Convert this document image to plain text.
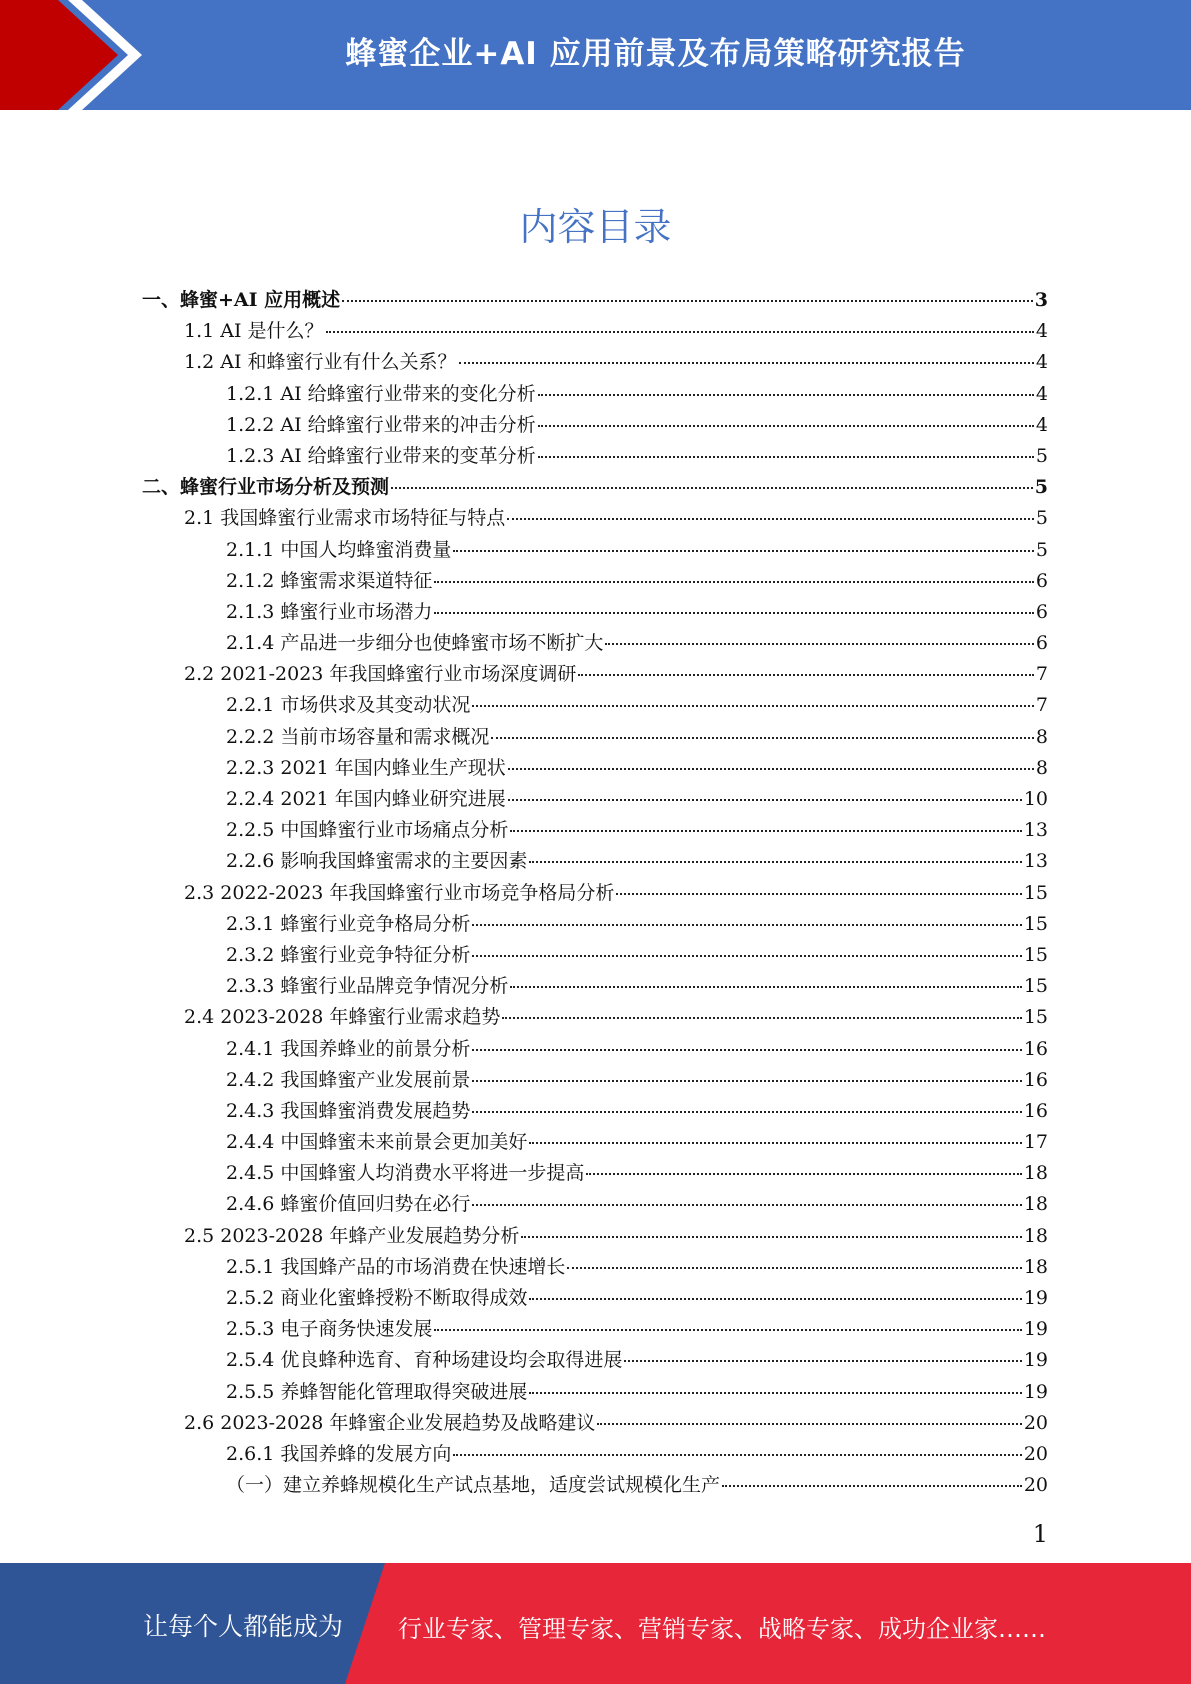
蜂蜜企业+AI 应用前景及布局策略研究报告
内容目录
一、蜂蜜+AI 应用概述	3
1.1 AI 是什么？	4
1.2 AI 和蜂蜜行业有什么关系？	4
1.2.1 AI 给蜂蜜行业带来的变化分析	4
1.2.2 AI 给蜂蜜行业带来的冲击分析	4
1.2.3 AI 给蜂蜜行业带来的变革分析	5
二、蜂蜜行业市场分析及预测	5
2.1 我国蜂蜜行业需求市场特征与特点	5
2.1.1 中国人均蜂蜜消费量	5
2.1.2 蜂蜜需求渠道特征	6
2.1.3 蜂蜜行业市场潜力	6
2.1.4 产品进一步细分也使蜂蜜市场不断扩大	6
2.2 2021-2023 年我国蜂蜜行业市场深度调研	7
2.2.1 市场供求及其变动状况	7
2.2.2 当前市场容量和需求概况	8
2.2.3 2021 年国内蜂业生产现状	8
2.2.4 2021 年国内蜂业研究进展	10
2.2.5 中国蜂蜜行业市场痛点分析	13
2.2.6 影响我国蜂蜜需求的主要因素	13
2.3 2022-2023 年我国蜂蜜行业市场竞争格局分析	15
2.3.1 蜂蜜行业竞争格局分析	15
2.3.2 蜂蜜行业竞争特征分析	15
2.3.3 蜂蜜行业品牌竞争情况分析	15
2.4 2023-2028 年蜂蜜行业需求趋势	15
2.4.1 我国养蜂业的前景分析	16
2.4.2 我国蜂蜜产业发展前景	16
2.4.3 我国蜂蜜消费发展趋势	16
2.4.4 中国蜂蜜未来前景会更加美好	17
2.4.5 中国蜂蜜人均消费水平将进一步提高	18
2.4.6 蜂蜜价值回归势在必行	18
2.5 2023-2028 年蜂产业发展趋势分析	18
2.5.1 我国蜂产品的市场消费在快速增长	18
2.5.2 商业化蜜蜂授粉不断取得成效	19
2.5.3 电子商务快速发展	19
2.5.4 优良蜂种选育、育种场建设均会取得进展	19
2.5.5 养蜂智能化管理取得突破进展	19
2.6 2023-2028 年蜂蜜企业发展趋势及战略建议	20
2.6.1 我国养蜂的发展方向	20
（一）建立养蜂规模化生产试点基地，适度尝试规模化生产	20
1
让每个人都能成为 行业专家、管理专家、营销专家、战略专家、成功企业家……
